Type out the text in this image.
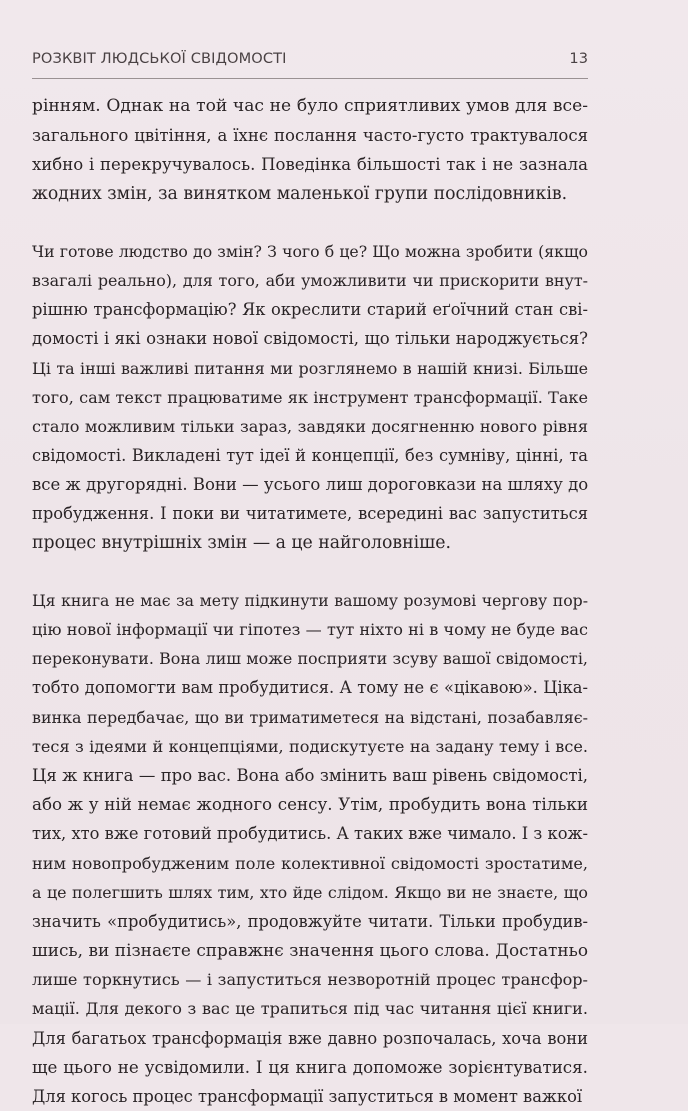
РОЗКВІТ ЛЮДСЬКОЇ СВІДОМОСТІ	13

рінням. Однак на той час не було сприятливих умов для все-
загального цвітіння, а їхнє послання часто-густо трактувалося
хибно і перекручувалось. Поведінка більшості так і не зазнала
жодних змін, за винятком маленької групи послідовників.

Чи готове людство до змін? З чого б це? Що можна зробити (якщо
взагалі реально), для того, аби уможливити чи прискорити внут-
рішню трансформацію? Як окреслити старий еґоїчний стан сві-
домості і які ознаки нової свідомості, що тільки народжується?
Ці та інші важливі питання ми розглянемо в нашій книзі. Більше
того, сам текст працюватиме як інструмент трансформації. Таке
стало можливим тільки зараз, завдяки досягненню нового рівня
свідомості. Викладені тут ідеї й концепції, без сумніву, цінні, та
все ж другорядні. Вони — усього лиш дороговкази на шляху до
пробудження. І поки ви читатимете, всередині вас запуститься
процес внутрішніх змін — а це найголовніше.

Ця книга не має за мету підкинути вашому розумові чергову пор-
цію нової інформації чи гіпотез — тут ніхто ні в чому не буде вас
переконувати. Вона лиш може посприяти зсуву вашої свідомості,
тобто допомогти вам пробудитися. А тому не є «цікавою». Ціка-
винка передбачає, що ви триматиметеся на відстані, позабавляє-
теся з ідеями й концепціями, подискутуєте на задану тему і все.
Ця ж книга — про вас. Вона або змінить ваш рівень свідомості,
або ж у ній немає жодного сенсу. Утім, пробудить вона тільки
тих, хто вже готовий пробудитись. А таких вже чимало. І з кож-
ним новопробудженим поле колективної свідомості зростатиме,
а це полегшить шлях тим, хто йде слідом. Якщо ви не знаєте, що
значить «пробудитись», продовжуйте читати. Тільки пробудив-
шись, ви пізнаєте справжнє значення цього слова. Достатньо
лише торкнутись — і запуститься незворотній процес трансфор-
мації. Для декого з вас це трапиться під час читання цієї книги.
Для багатьох трансформація вже давно розпочалась, хоча вони
ще цього не усвідомили. І ця книга допоможе зорієнтуватися.
Для когось процес трансформації запуститься в момент важкої
